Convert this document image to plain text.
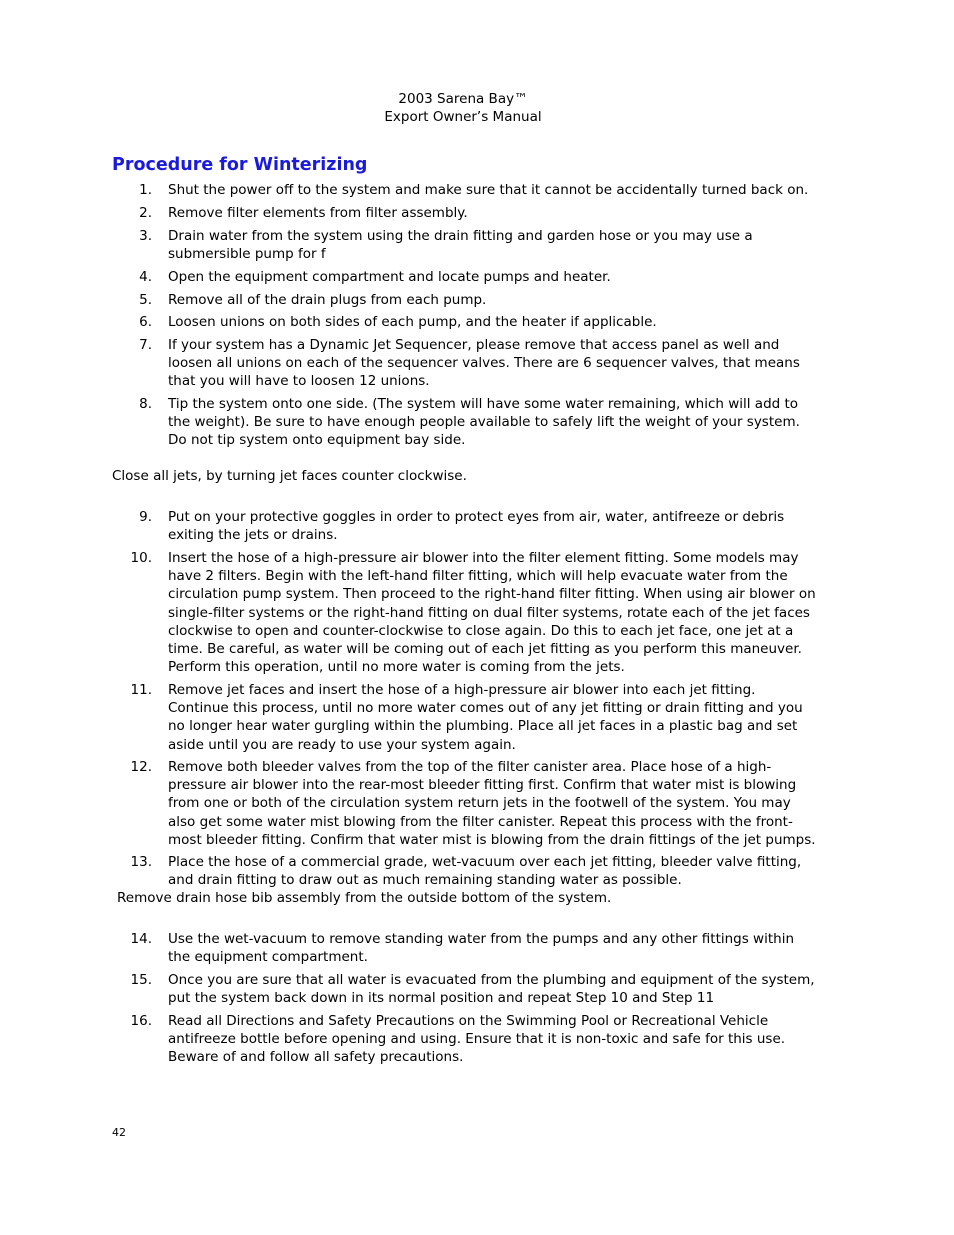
2003 Sarena Bay™
Export Owner’s Manual
Procedure for Winterizing
1. Shut the power off to the system and make sure that it cannot be accidentally turned back on.
2. Remove filter elements from filter assembly.
3. Drain water from the system using the drain fitting and garden hose or you may use a submersible pump for f
4. Open the equipment compartment and locate pumps and heater.
5. Remove all of the drain plugs from each pump.
6. Loosen unions on both sides of each pump, and the heater if applicable.
7. If your system has a Dynamic Jet Sequencer, please remove that access panel as well and loosen all unions on each of the sequencer valves. There are 6 sequencer valves, that means that you will have to loosen 12 unions.
8. Tip the system onto one side. (The system will have some water remaining, which will add to the weight). Be sure to have enough people available to safely lift the weight of your system. Do not tip system onto equipment bay side.
Close all jets, by turning jet faces counter clockwise.
9. Put on your protective goggles in order to protect eyes from air, water, antifreeze or debris exiting the jets or drains.
10. Insert the hose of a high-pressure air blower into the filter element fitting. Some models may have 2 filters. Begin with the left-hand filter fitting, which will help evacuate water from the circulation pump system. Then proceed to the right-hand filter fitting. When using air blower on single-filter systems or the right-hand fitting on dual filter systems, rotate each of the jet faces clockwise to open and counter-clockwise to close again. Do this to each jet face, one jet at a time. Be careful, as water will be coming out of each jet fitting as you perform this maneuver. Perform this operation, until no more water is coming from the jets.
11. Remove jet faces and insert the hose of a high-pressure air blower into each jet fitting. Continue this process, until no more water comes out of any jet fitting or drain fitting and you no longer hear water gurgling within the plumbing. Place all jet faces in a plastic bag and set aside until you are ready to use your system again.
12. Remove both bleeder valves from the top of the filter canister area. Place hose of a high-pressure air blower into the rear-most bleeder fitting first. Confirm that water mist is blowing from one or both of the circulation system return jets in the footwell of the system. You may also get some water mist blowing from the filter canister. Repeat this process with the front-most bleeder fitting. Confirm that water mist is blowing from the drain fittings of the jet pumps.
13. Place the hose of a commercial grade, wet-vacuum over each jet fitting, bleeder valve fitting, and drain fitting to draw out as much remaining standing water as possible.
Remove drain hose bib assembly from the outside bottom of the system.
14. Use the wet-vacuum to remove standing water from the pumps and any other fittings within the equipment compartment.
15. Once you are sure that all water is evacuated from the plumbing and equipment of the system, put the system back down in its normal position and repeat Step 10 and Step 11
16. Read all Directions and Safety Precautions on the Swimming Pool or Recreational Vehicle antifreeze bottle before opening and using. Ensure that it is non-toxic and safe for this use. Beware of and follow all safety precautions.
42
